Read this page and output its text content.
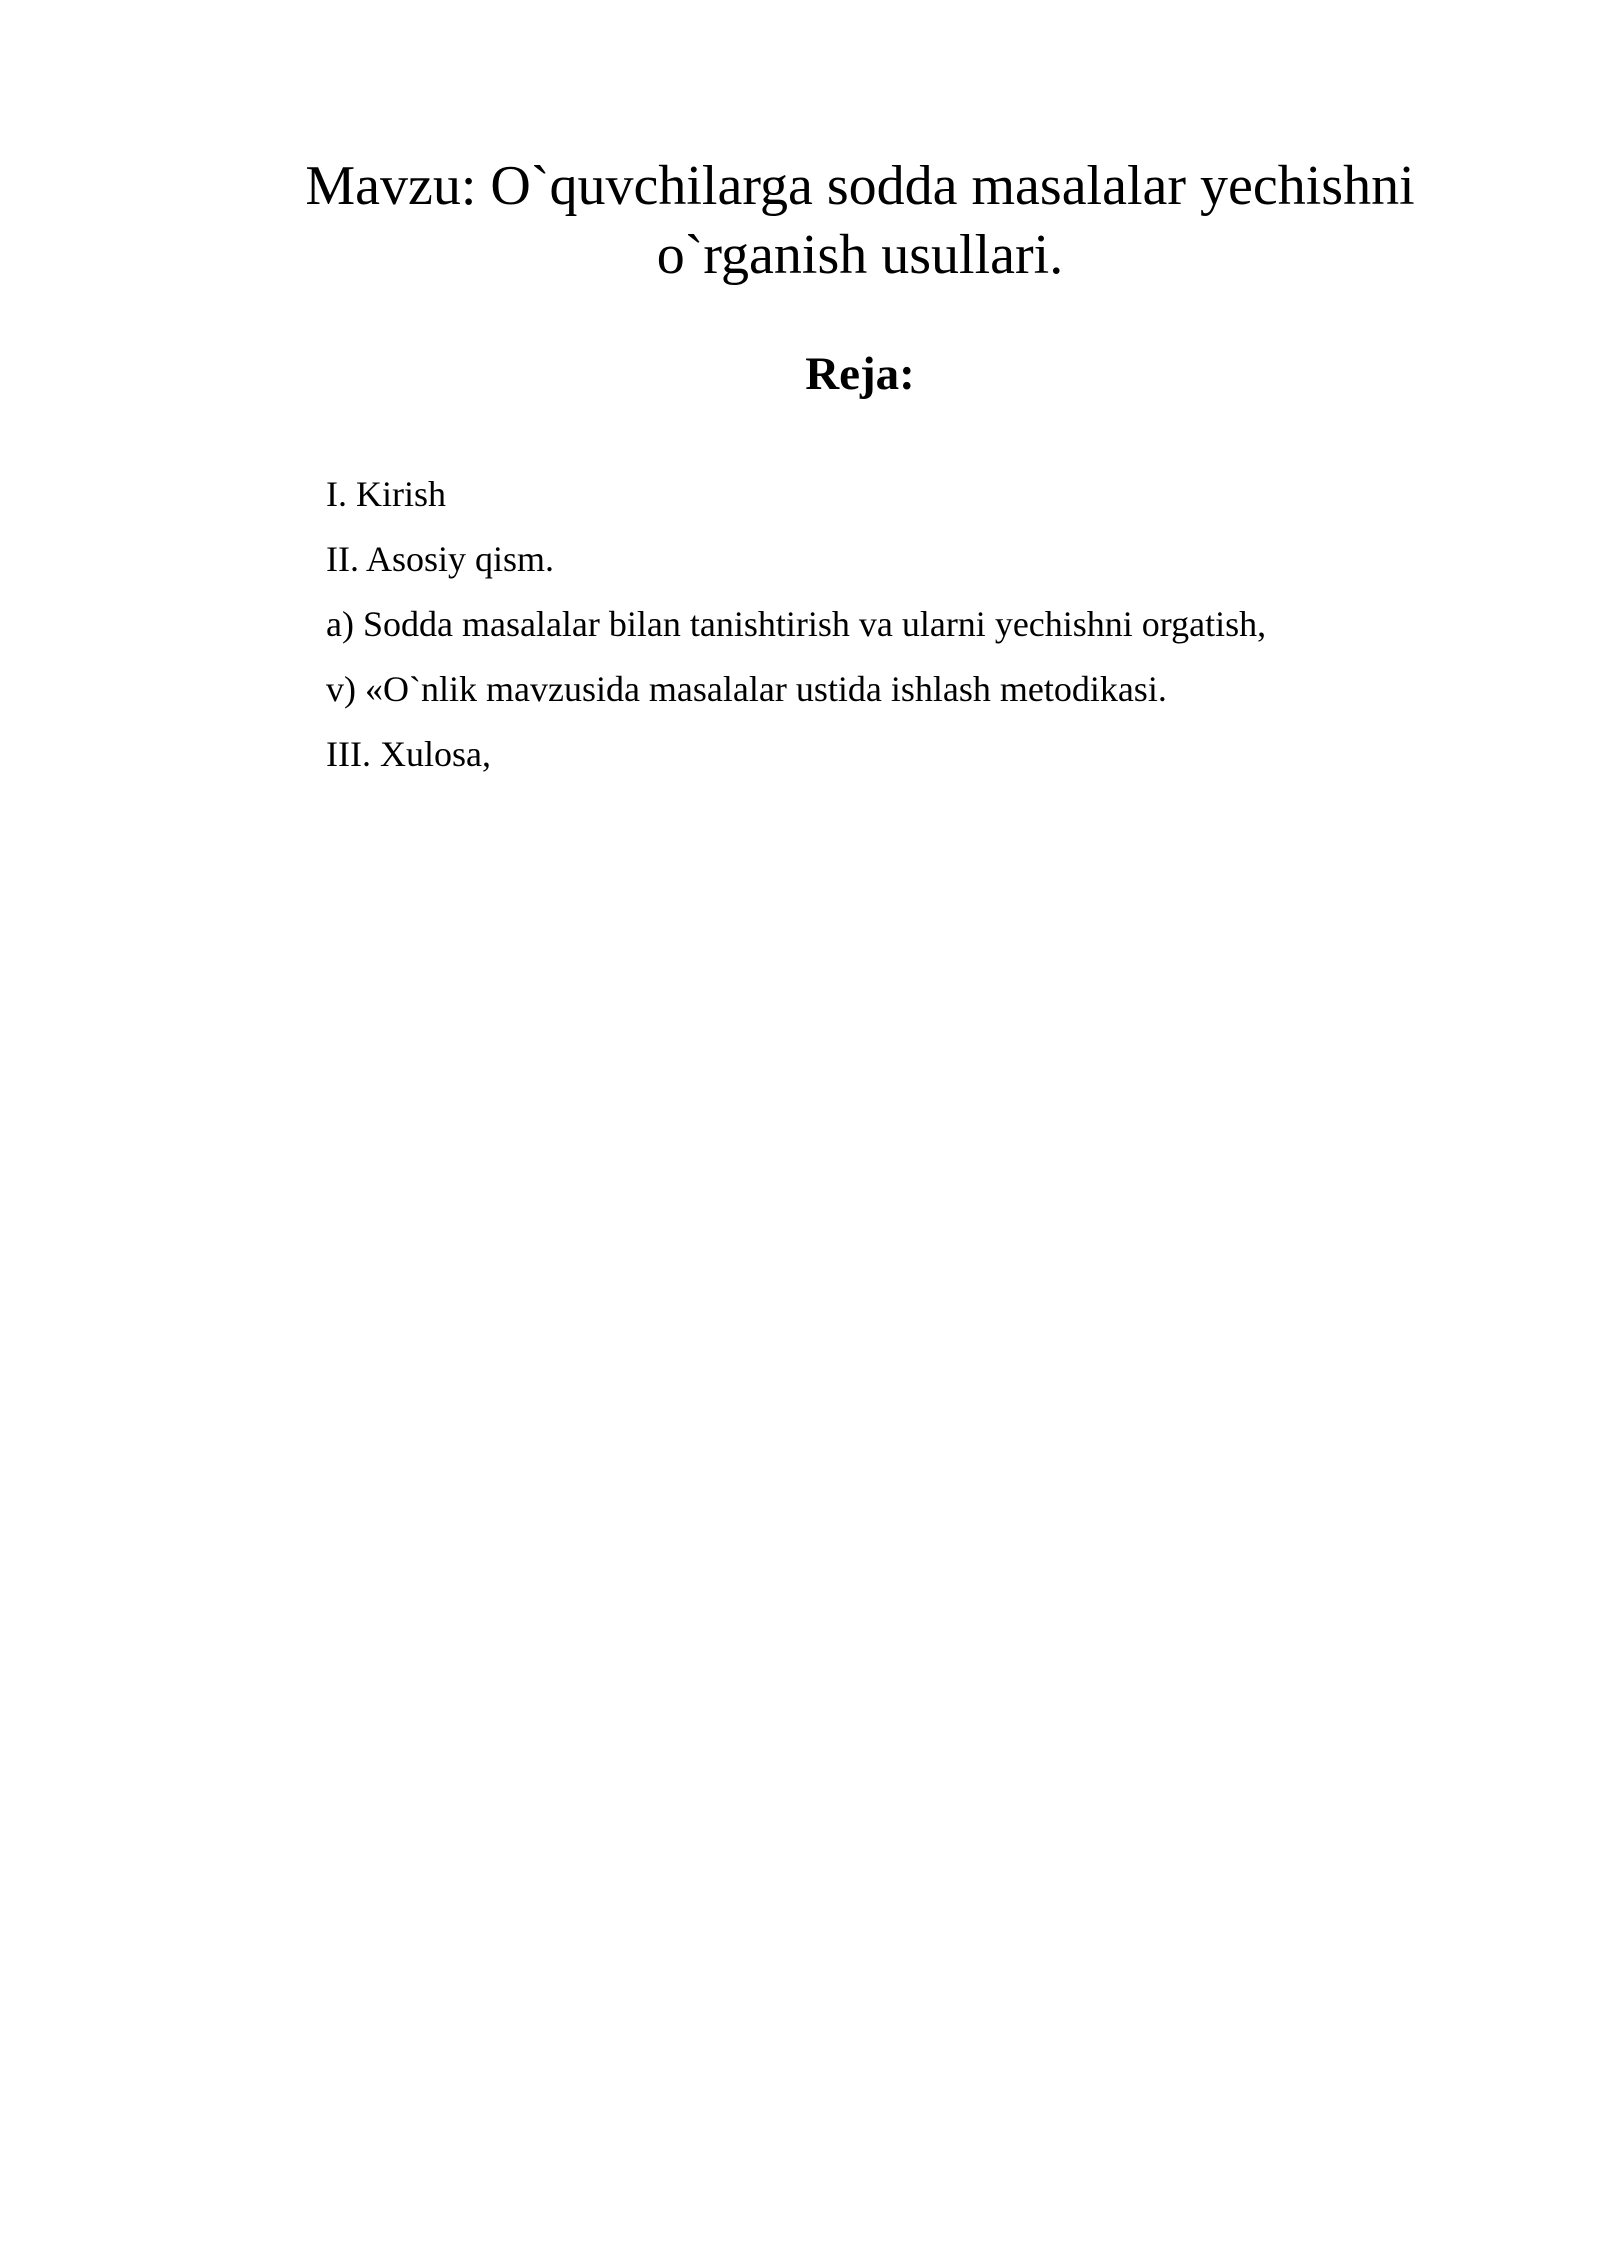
Mavzu: O`quvchilarga sodda masalalar yechishni
o`rganish usullari.
Reja:
I. Kirish
II. Asosiy qism.
a) Sodda masalalar bilan tanishtirish va ularni yechishni orgatish,
v) «O`nlik mavzusida masalalar ustida ishlash metodikasi.
III. Xulosa,
